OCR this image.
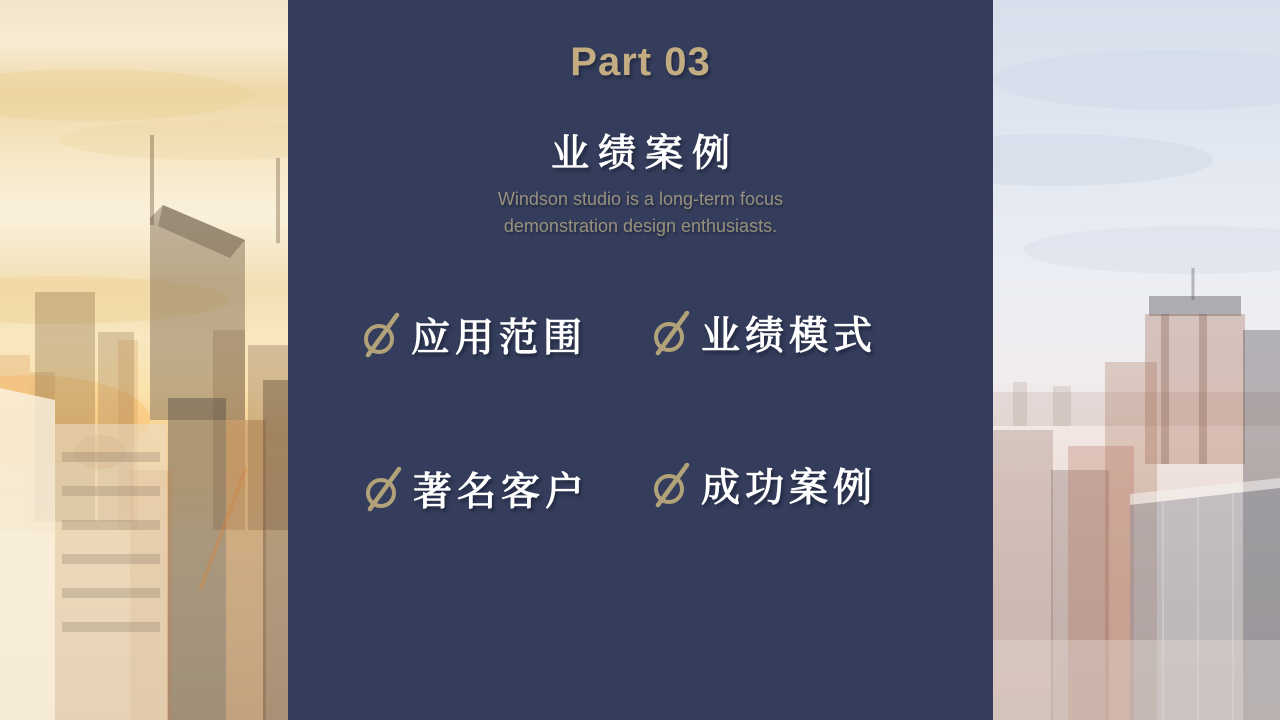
Part 03
业绩案例
Windson studio is a long-term focus
demonstration design enthusiasts.
应用范围	业绩模式
著名客户	成功案例
